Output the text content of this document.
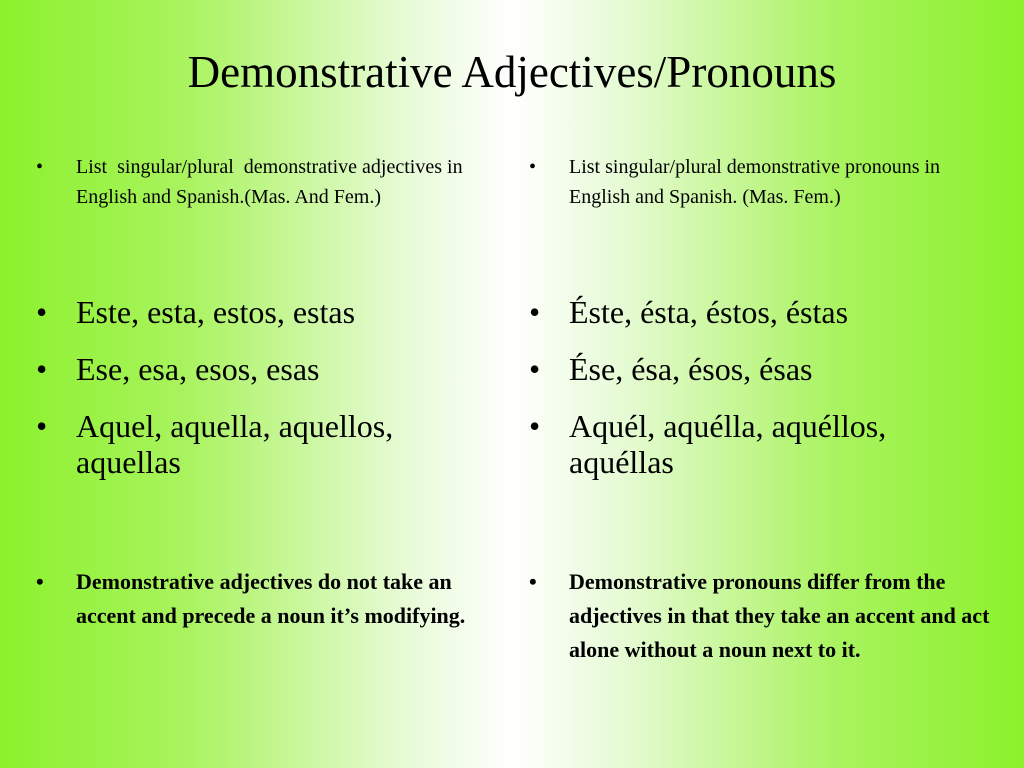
Demonstrative Adjectives/Pronouns
• List  singular/plural  demonstrative adjectives in English and Spanish.(Mas. And Fem.)
• Este, esta, estos, estas
• Ese, esa, esos, esas
• Aquel, aquella, aquellos, aquellas
• Demonstrative adjectives do not take an accent and precede a noun it’s modifying.
• List singular/plural demonstrative pronouns in English and Spanish. (Mas. Fem.)
• Éste, ésta, éstos, éstas
• Ése, ésa, ésos, ésas
• Aquél, aquélla, aquéllos, aquéllas
• Demonstrative pronouns differ from the adjectives in that they take an accent and act alone without a noun next to it.
